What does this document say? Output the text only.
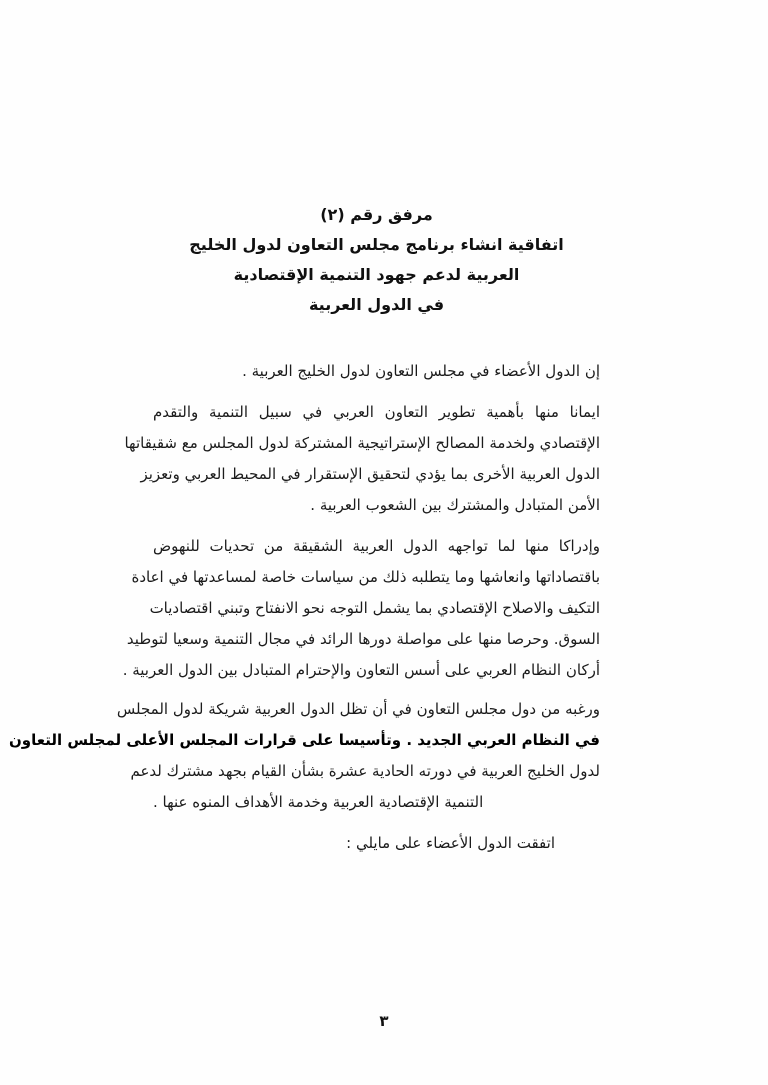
مرفق رقم (٢)
اتفاقية انشاء برنامج مجلس التعاون لدول الخليج
العربية لدعم جهود التنمية الإقتصادية
في الدول العربية
إن الدول الأعضاء في مجلس التعاون لدول الخليج العربية .
ايمانا منها بأهمية تطوير التعاون العربي في سبيل التنمية والتقدم
الإقتصادي ولخدمة المصالح الإستراتيجية المشتركة لدول المجلس مع شقيقاتها
الدول العربية الأخرى بما يؤدي لتحقيق الإستقرار في المحيط العربي وتعزيز
الأمن المتبادل والمشترك بين الشعوب العربية .
وإدراكا منها لما تواجهه الدول العربية الشقيقة من تحديات للنهوض
باقتصاداتها وانعاشها وما يتطلبه ذلك من سياسات خاصة لمساعدتها في اعادة
التكيف والاصلاح الإقتصادي بما يشمل التوجه نحو الانفتاح وتبني اقتصاديات
السوق. وحرصا منها على مواصلة دورها الرائد في مجال التنمية وسعيا لتوطيد
أركان النظام العربي على أسس التعاون والإحترام المتبادل بين الدول العربية .
ورغبه من دول مجلس التعاون في أن تظل الدول العربية شريكة لدول المجلس
في النظام العربي الجديد . وتأسيسا على قرارات المجلس الأعلى لمجلس التعاون
لدول الخليج العربية في دورته الحادية عشرة بشأن القيام بجهد مشترك لدعم
التنمية الإقتصادية العربية وخدمة الأهداف المنوه عنها .
اتفقت الدول الأعضاء على مايلي :
٣
